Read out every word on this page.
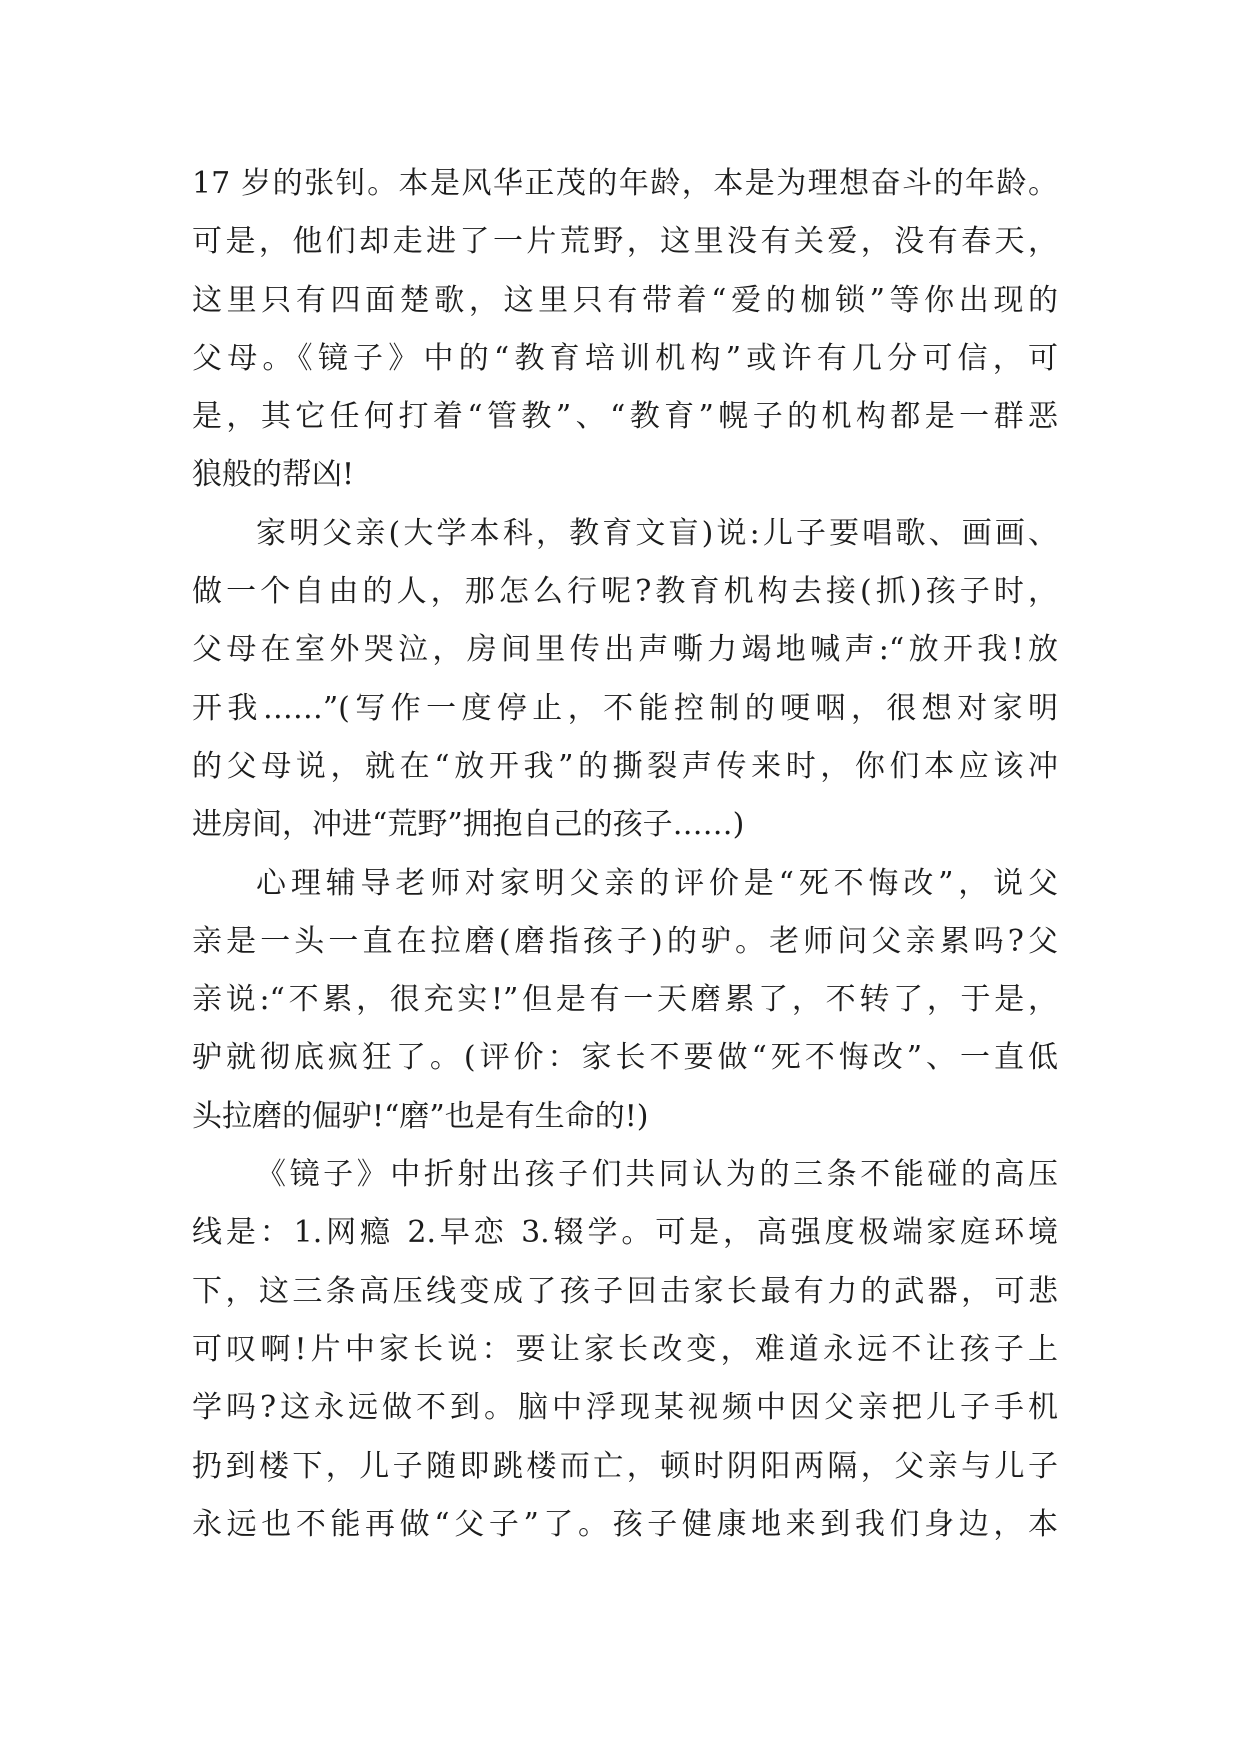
17 岁的张钊。本是风华正茂的年龄，本是为理想奋斗的年龄。
可是，他们却走进了一片荒野，这里没有关爱，没有春天，
这里只有四面楚歌，这里只有带着“爱的枷锁”等你出现的
父母。《镜子》中的“教育培训机构”或许有几分可信，可
是，其它任何打着“管教”、“教育”幌子的机构都是一群恶
狼般的帮凶!
家明父亲(大学本科，教育文盲)说:儿子要唱歌、画画、
做一个自由的人，那怎么行呢?教育机构去接(抓)孩子时，
父母在室外哭泣，房间里传出声嘶力竭地喊声:“放开我!放
开我……”(写作一度停止，不能控制的哽咽，很想对家明
的父母说，就在“放开我”的撕裂声传来时，你们本应该冲
进房间，冲进“荒野”拥抱自己的孩子……)
心理辅导老师对家明父亲的评价是“死不悔改”，说父
亲是一头一直在拉磨(磨指孩子)的驴。老师问父亲累吗?父
亲说:“不累，很充实!”但是有一天磨累了，不转了，于是，
驴就彻底疯狂了。(评价：家长不要做“死不悔改”、一直低
头拉磨的倔驴!“磨”也是有生命的!)
《镜子》中折射出孩子们共同认为的三条不能碰的高压
线是：1.网瘾 2.早恋 3.辍学。可是，高强度极端家庭环境
下，这三条高压线变成了孩子回击家长最有力的武器，可悲
可叹啊!片中家长说：要让家长改变，难道永远不让孩子上
学吗?这永远做不到。脑中浮现某视频中因父亲把儿子手机
扔到楼下，儿子随即跳楼而亡，顿时阴阳两隔，父亲与儿子
永远也不能再做“父子”了。孩子健康地来到我们身边，本
